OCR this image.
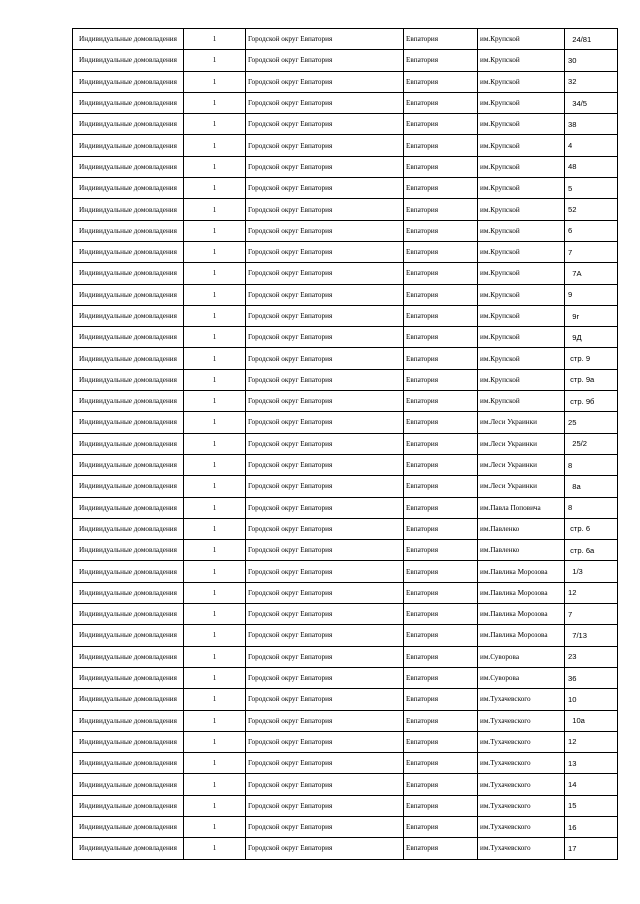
Индивидуальные домовладения	1	Городской округ Евпатория	Евпатория	им.Крупской	24/81
Индивидуальные домовладения	1	Городской округ Евпатория	Евпатория	им.Крупской	30
Индивидуальные домовладения	1	Городской округ Евпатория	Евпатория	им.Крупской	32
Индивидуальные домовладения	1	Городской округ Евпатория	Евпатория	им.Крупской	34/5
Индивидуальные домовладения	1	Городской округ Евпатория	Евпатория	им.Крупской	38
Индивидуальные домовладения	1	Городской округ Евпатория	Евпатория	им.Крупской	4
Индивидуальные домовладения	1	Городской округ Евпатория	Евпатория	им.Крупской	48
Индивидуальные домовладения	1	Городской округ Евпатория	Евпатория	им.Крупской	5
Индивидуальные домовладения	1	Городской округ Евпатория	Евпатория	им.Крупской	52
Индивидуальные домовладения	1	Городской округ Евпатория	Евпатория	им.Крупской	6
Индивидуальные домовладения	1	Городской округ Евпатория	Евпатория	им.Крупской	7
Индивидуальные домовладения	1	Городской округ Евпатория	Евпатория	им.Крупской	7А
Индивидуальные домовладения	1	Городской округ Евпатория	Евпатория	им.Крупской	9
Индивидуальные домовладения	1	Городской округ Евпатория	Евпатория	им.Крупской	9г
Индивидуальные домовладения	1	Городской округ Евпатория	Евпатория	им.Крупской	9Д
Индивидуальные домовладения	1	Городской округ Евпатория	Евпатория	им.Крупской	стр. 9
Индивидуальные домовладения	1	Городской округ Евпатория	Евпатория	им.Крупской	стр. 9а
Индивидуальные домовладения	1	Городской округ Евпатория	Евпатория	им.Крупской	стр. 9б
Индивидуальные домовладения	1	Городской округ Евпатория	Евпатория	им.Леси Украинки	25
Индивидуальные домовладения	1	Городской округ Евпатория	Евпатория	им.Леси Украинки	25/2
Индивидуальные домовладения	1	Городской округ Евпатория	Евпатория	им.Леси Украинки	8
Индивидуальные домовладения	1	Городской округ Евпатория	Евпатория	им.Леси Украинки	8а
Индивидуальные домовладения	1	Городской округ Евпатория	Евпатория	им.Павла Поповича	8
Индивидуальные домовладения	1	Городской округ Евпатория	Евпатория	им.Павленко	стр. 6
Индивидуальные домовладения	1	Городской округ Евпатория	Евпатория	им.Павленко	стр. 6а
Индивидуальные домовладения	1	Городской округ Евпатория	Евпатория	им.Павлика Морозова	1/3
Индивидуальные домовладения	1	Городской округ Евпатория	Евпатория	им.Павлика Морозова	12
Индивидуальные домовладения	1	Городской округ Евпатория	Евпатория	им.Павлика Морозова	7
Индивидуальные домовладения	1	Городской округ Евпатория	Евпатория	им.Павлика Морозова	7/13
Индивидуальные домовладения	1	Городской округ Евпатория	Евпатория	им.Суворова	23
Индивидуальные домовладения	1	Городской округ Евпатория	Евпатория	им.Суворова	36
Индивидуальные домовладения	1	Городской округ Евпатория	Евпатория	им.Тухачевского	10
Индивидуальные домовладения	1	Городской округ Евпатория	Евпатория	им.Тухачевского	10а
Индивидуальные домовладения	1	Городской округ Евпатория	Евпатория	им.Тухачевского	12
Индивидуальные домовладения	1	Городской округ Евпатория	Евпатория	им.Тухачевского	13
Индивидуальные домовладения	1	Городской округ Евпатория	Евпатория	им.Тухачевского	14
Индивидуальные домовладения	1	Городской округ Евпатория	Евпатория	им.Тухачевского	15
Индивидуальные домовладения	1	Городской округ Евпатория	Евпатория	им.Тухачевского	16
Индивидуальные домовладения	1	Городской округ Евпатория	Евпатория	им.Тухачевского	17
